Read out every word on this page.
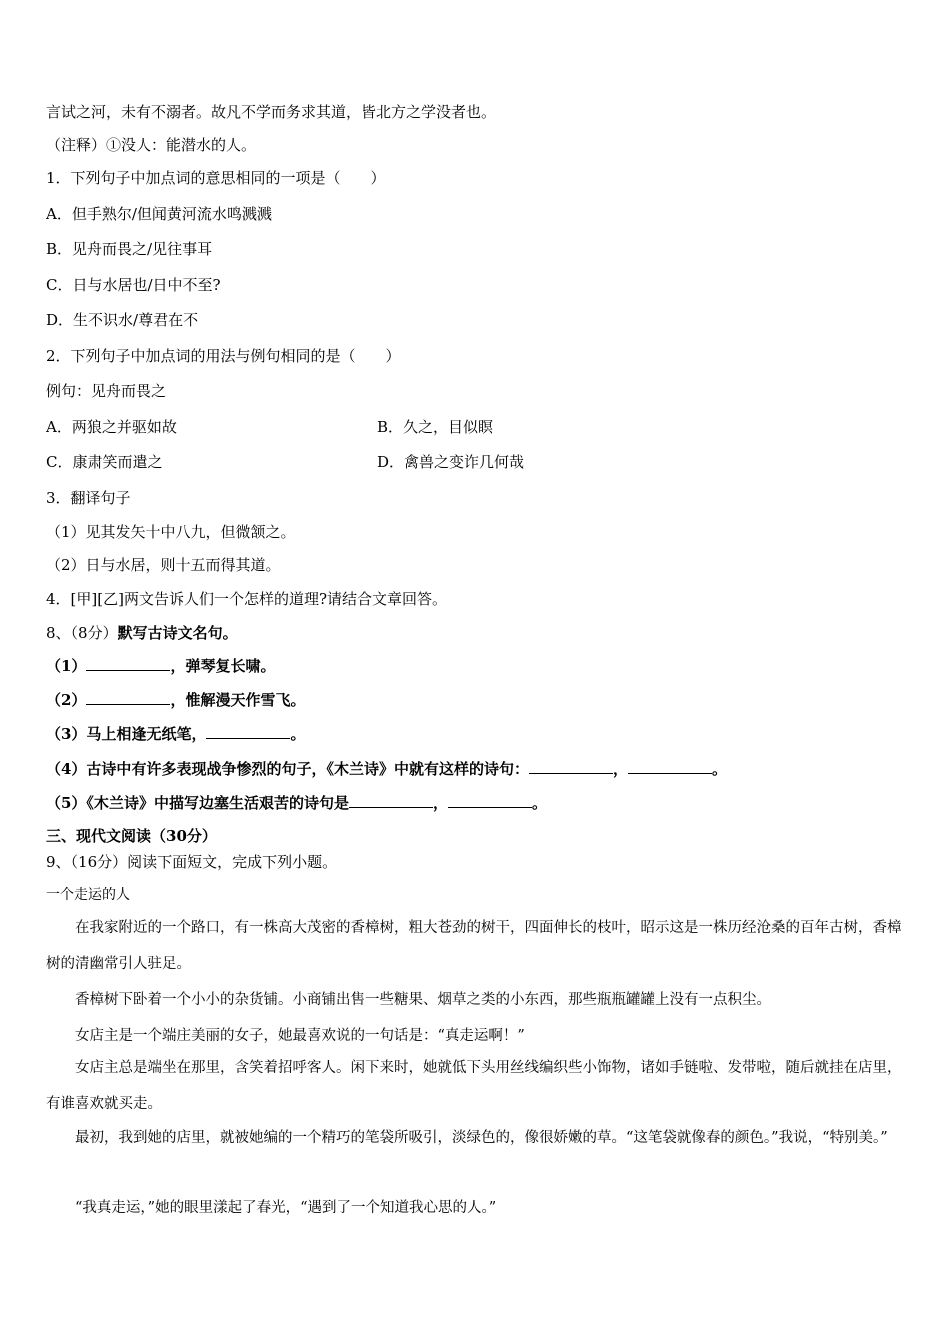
言试之河，未有不溺者。故凡不学而务求其道，皆北方之学没者也。
（注释）①没人：能潜水的人。
1．下列句子中加点词的意思相同的一项是（　　）
A．但手熟尔/但闻黄河流水鸣溅溅
B．见舟而畏之/见往事耳
C．日与水居也/日中不至?
D．生不识水/尊君在不
2．下列句子中加点词的用法与例句相同的是（　　）
例句：见舟而畏之
A．两狼之并驱如故	B．久之，目似瞑
C．康肃笑而遣之	D．禽兽之变诈几何哉
3．翻译句子
（1）见其发矢十中八九，但微颔之。
（2）日与水居，则十五而得其道。
4．[甲][乙]两文告诉人们一个怎样的道理?请结合文章回答。
8、（8分）默写古诗文名句。
（1）	，弹琴复长啸。
（2）	，惟解漫天作雪飞。
（3）马上相逢无纸笔，	。
（4）古诗中有许多表现战争惨烈的句子，《木兰诗》中就有这样的诗句：	，	。
（5）《木兰诗》中描写边塞生活艰苦的诗句是	，	。
三、现代文阅读（30分）
9、（16分）阅读下面短文，完成下列小题。
一个走运的人
在我家附近的一个路口，有一株高大茂密的香樟树，粗大苍劲的树干，四面伸长的枝叶，昭示这是一株历经沧桑的百年古树，香樟树的清幽常引人驻足。
香樟树下卧着一个小小的杂货铺。小商铺出售一些糖果、烟草之类的小东西，那些瓶瓶罐罐上没有一点积尘。
女店主是一个端庄美丽的女子，她最喜欢说的一句话是：“真走运啊！”
女店主总是端坐在那里，含笑着招呼客人。闲下来时，她就低下头用丝线编织些小饰物，诸如手链啦、发带啦，随后就挂在店里，有谁喜欢就买走。
最初，我到她的店里，就被她编的一个精巧的笔袋所吸引，淡绿色的，像很娇嫩的草。“这笔袋就像春的颜色。”我说，“特别美。”
“我真走运，”她的眼里漾起了春光，“遇到了一个知道我心思的人。”
